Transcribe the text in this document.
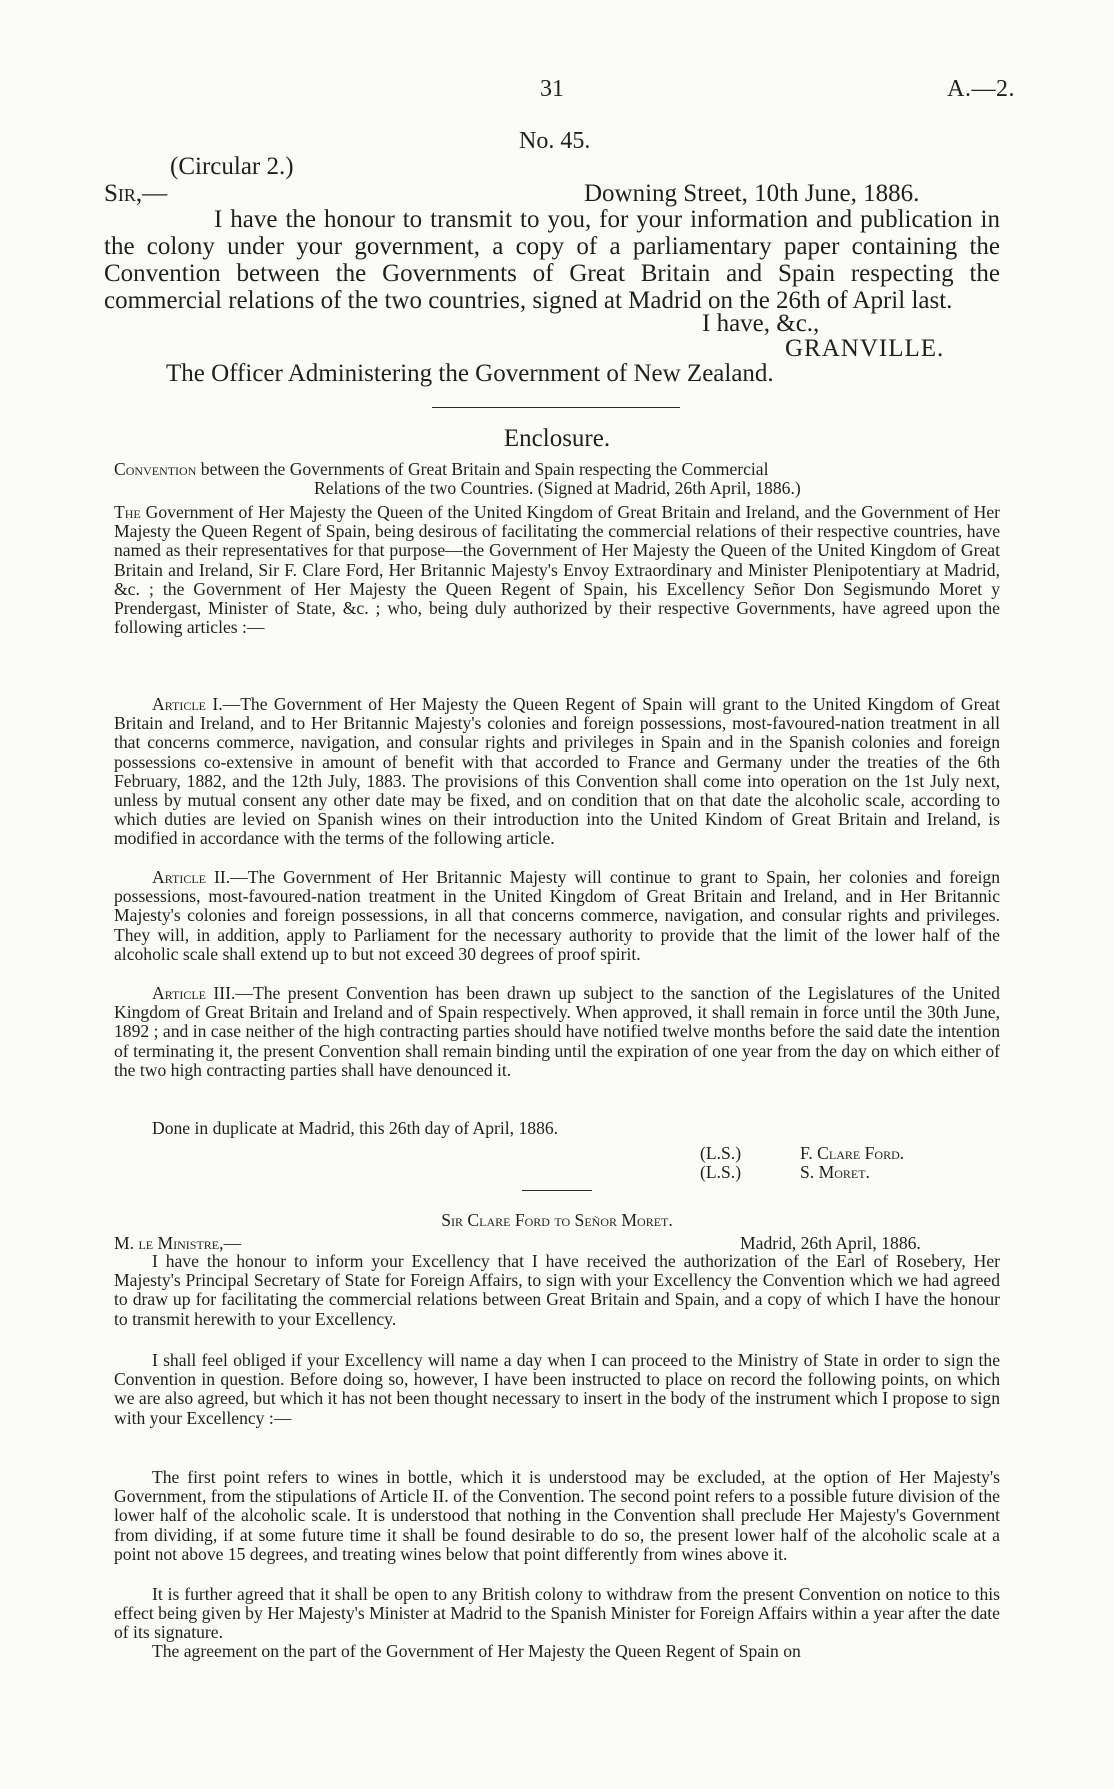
31	A.—2.
No. 45.
(Circular 2.)
Sir,—	Downing Street, 10th June, 1886.

I have the honour to transmit to you, for your information and publication in the colony under your government, a copy of a parliamentary paper containing the Convention between the Governments of Great Britain and Spain respecting the commercial relations of the two countries, signed at Madrid on the 26th of April last.

I have, &c.,
GRANVILLE.
The Officer Administering the Government of New Zealand.
Enclosure.

Convention between the Governments of Great Britain and Spain respecting the Commercial
Relations of the two Countries. (Signed at Madrid, 26th April, 1886.)

The Government of Her Majesty the Queen of the United Kingdom of Great Britain and Ireland, and the Government of Her Majesty the Queen Regent of Spain, being desirous of facilitating the commercial relations of their respective countries, have named as their representatives for that purpose—the Government of Her Majesty the Queen of the United Kingdom of Great Britain and Ireland, Sir F. Clare Ford, Her Britannic Majesty's Envoy Extraordinary and Minister Plenipotentiary at Madrid, &c. ; the Government of Her Majesty the Queen Regent of Spain, his Excellency Señor Don Segismundo Moret y Prendergast, Minister of State, &c. ; who, being duly authorized by their respective Governments, have agreed upon the following articles :—

Article I.—The Government of Her Majesty the Queen Regent of Spain will grant to the United Kingdom of Great Britain and Ireland, and to Her Britannic Majesty's colonies and foreign possessions, most-favoured-nation treatment in all that concerns commerce, navigation, and consular rights and privileges in Spain and in the Spanish colonies and foreign possessions co-extensive in amount of benefit with that accorded to France and Germany under the treaties of the 6th February, 1882, and the 12th July, 1883. The provisions of this Convention shall come into operation on the 1st July next, unless by mutual consent any other date may be fixed, and on condition that on that date the alcoholic scale, according to which duties are levied on Spanish wines on their introduction into the United Kindom of Great Britain and Ireland, is modified in accordance with the terms of the following article.

Article II.—The Government of Her Britannic Majesty will continue to grant to Spain, her colonies and foreign possessions, most-favoured-nation treatment in the United Kingdom of Great Britain and Ireland, and in Her Britannic Majesty's colonies and foreign possessions, in all that concerns commerce, navigation, and consular rights and privileges. They will, in addition, apply to Parliament for the necessary authority to provide that the limit of the lower half of the alcoholic scale shall extend up to but not exceed 30 degrees of proof spirit.

Article III.—The present Convention has been drawn up subject to the sanction of the Legislatures of the United Kingdom of Great Britain and Ireland and of Spain respectively. When approved, it shall remain in force until the 30th June, 1892 ; and in case neither of the high contracting parties should have notified twelve months before the said date the intention of terminating it, the present Convention shall remain binding until the expiration of one year from the day on which either of the two high contracting parties shall have denounced it.

Done in duplicate at Madrid, this 26th day of April, 1886.

(L.S.)	F. Clare Ford.
(L.S.)	S. Moret.
Sir Clare Ford to Señor Moret.
M. le Ministre,—	Madrid, 26th April, 1886.

I have the honour to inform your Excellency that I have received the authorization of the Earl of Rosebery, Her Majesty's Principal Secretary of State for Foreign Affairs, to sign with your Excellency the Convention which we had agreed to draw up for facilitating the commercial relations between Great Britain and Spain, and a copy of which I have the honour to transmit herewith to your Excellency.

I shall feel obliged if your Excellency will name a day when I can proceed to the Ministry of State in order to sign the Convention in question. Before doing so, however, I have been instructed to place on record the following points, on which we are also agreed, but which it has not been thought necessary to insert in the body of the instrument which I propose to sign with your Excellency :—

The first point refers to wines in bottle, which it is understood may be excluded, at the option of Her Majesty's Government, from the stipulations of Article II. of the Convention. The second point refers to a possible future division of the lower half of the alcoholic scale. It is understood that nothing in the Convention shall preclude Her Majesty's Government from dividing, if at some future time it shall be found desirable to do so, the present lower half of the alcoholic scale at a point not above 15 degrees, and treating wines below that point differently from wines above it.

It is further agreed that it shall be open to any British colony to withdraw from the present Convention on notice to this effect being given by Her Majesty's Minister at Madrid to the Spanish Minister for Foreign Affairs within a year after the date of its signature.

The agreement on the part of the Government of Her Majesty the Queen Regent of Spain on
